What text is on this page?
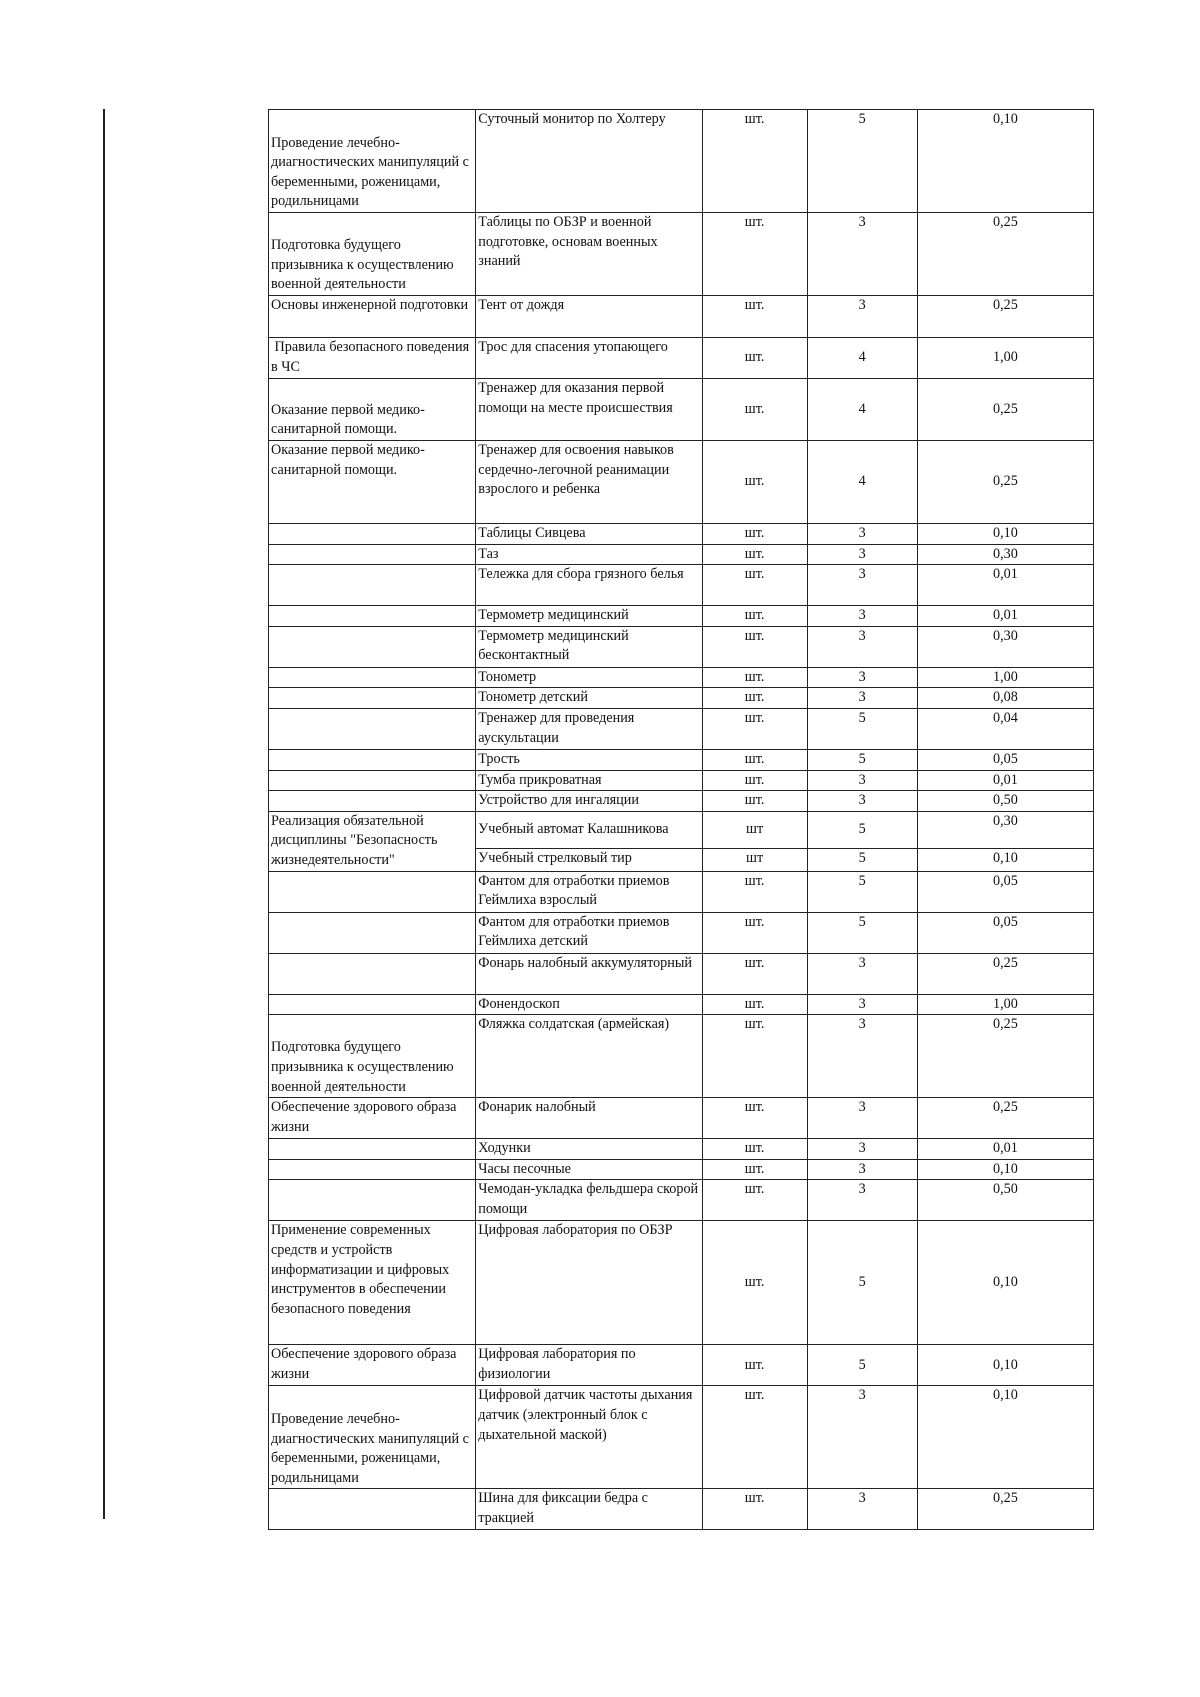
Проведение лечебно-диагностических манипуляций с беременными, роженицами, родильницами	Суточный монитор по Холтеру	шт.	5	0,10
Подготовка будущего призывника к осуществлению военной деятельности	Таблицы по ОБЗР и военной подготовке, основам военных знаний	шт.	3	0,25
Основы инженерной подготовки	Тент от дождя	шт.	3	0,25
Правила безопасного поведения в ЧС	Трос для спасения утопающего	шт.	4	1,00
Оказание первой медико-санитарной помощи.	Тренажер для оказания первой помощи на месте происшествия	шт.	4	0,25
Оказание первой медико-санитарной помощи.	Тренажер для освоения навыков сердечно-легочной реанимации взрослого и ребенка	шт.	4	0,25
	Таблицы Сивцева	шт.	3	0,10
	Таз	шт.	3	0,30
	Тележка для сбора грязного белья	шт.	3	0,01
	Термометр медицинский	шт.	3	0,01
	Термометр медицинский бесконтактный	шт.	3	0,30
	Тонометр	шт.	3	1,00
	Тонометр детский	шт.	3	0,08
	Тренажер для проведения аускультации	шт.	5	0,04
	Трость	шт.	5	0,05
	Тумба прикроватная	шт.	3	0,01
	Устройство для ингаляции	шт.	3	0,50
Реализация обязательной дисциплины "Безопасность жизнедеятельности"	Учебный автомат Калашникова	шт	5	0,30
	Учебный стрелковый тир	шт	5	0,10
	Фантом для отработки приемов Геймлиха взрослый	шт.	5	0,05
	Фантом для отработки приемов Геймлиха детский	шт.	5	0,05
	Фонарь налобный аккумуляторный	шт.	3	0,25
	Фонендоскоп	шт.	3	1,00
Подготовка будущего призывника к осуществлению военной деятельности	Фляжка солдатская (армейская)	шт.	3	0,25
Обеспечение здорового образа жизни	Фонарик налобный	шт.	3	0,25
	Ходунки	шт.	3	0,01
	Часы песочные	шт.	3	0,10
	Чемодан-укладка фельдшера скорой помощи	шт.	3	0,50
Применение современных средств и устройств информатизации и цифровых инструментов в обеспечении безопасного поведения	Цифровая лаборатория по ОБЗР	шт.	5	0,10
Обеспечение здорового образа жизни	Цифровая лаборатория по физиологии	шт.	5	0,10
Проведение лечебно-диагностических манипуляций с беременными, роженицами, родильницами	Цифровой датчик частоты дыхания датчик (электронный блок с дыхательной маской)	шт.	3	0,10
	Шина для фиксации бедра с тракцией	шт.	3	0,25
